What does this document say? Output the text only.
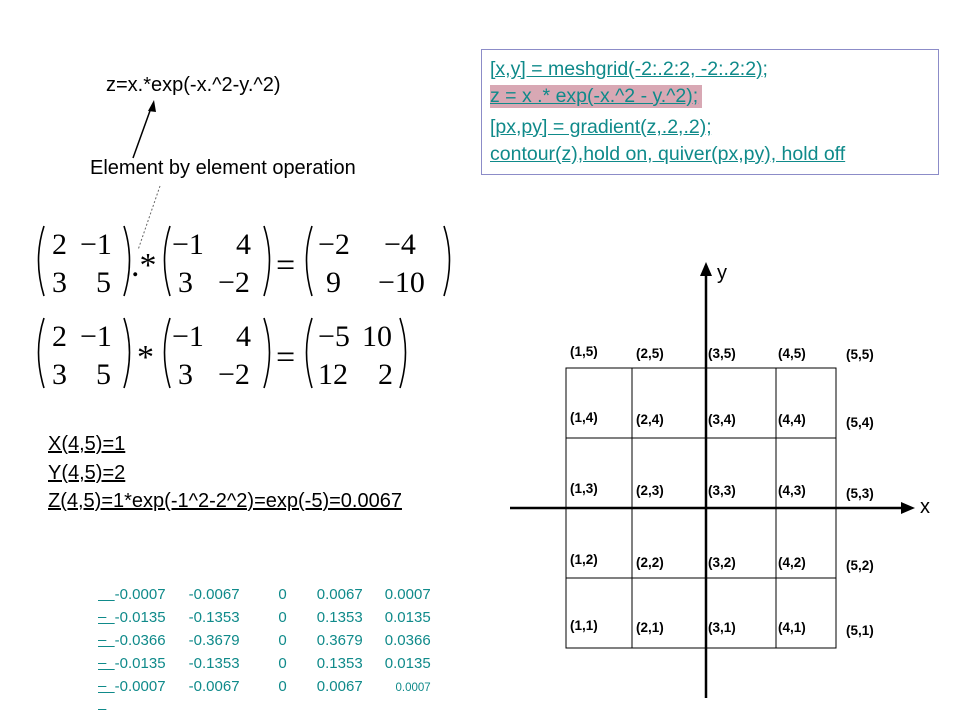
z=x.*exp(-x.^2-y.^2)
Element by element operation
[x,y] = meshgrid(-2:.2:2, -2:.2:2);
z = x .* exp(-x.^2 - y.^2);
[px,py] = gradient(z,.2,.2);
contour(z),hold on, quiver(px,py), hold off
2 −1
3 5 .*
−1 4
3 −2 =
−2 −4
9 −10
2 −1
3 5 *
−1 4
3 −2 =
−5 10
12 2
X(4,5)=1
Y(4,5)=2
Z(4,5)=1*exp(-1^2-2^2)=exp(-5)=0.0067

-0.0007 -0.0067	0 0.0067 0.0007

-0.0135 -0.1353	0 0.1353 0.0135

-0.0366 -0.3679	0 0.3679 0.0366

-0.0135 -0.1353	0 0.1353 0.0135

-0.0007 -0.0067	0 0.0067	0.0007

y
x
(1,5)	(2,5)	(3,5)	(4,5)	(5,5)
(1,4)	(2,4)	(3,4)	(4,4)	(5,4)
(1,3)	(2,3)	(3,3)	(4,3)	(5,3)
(1,2)	(2,2)	(3,2)	(4,2)	(5,2)
(1,1)	(2,1)	(3,1)	(4,1)	(5,1)
